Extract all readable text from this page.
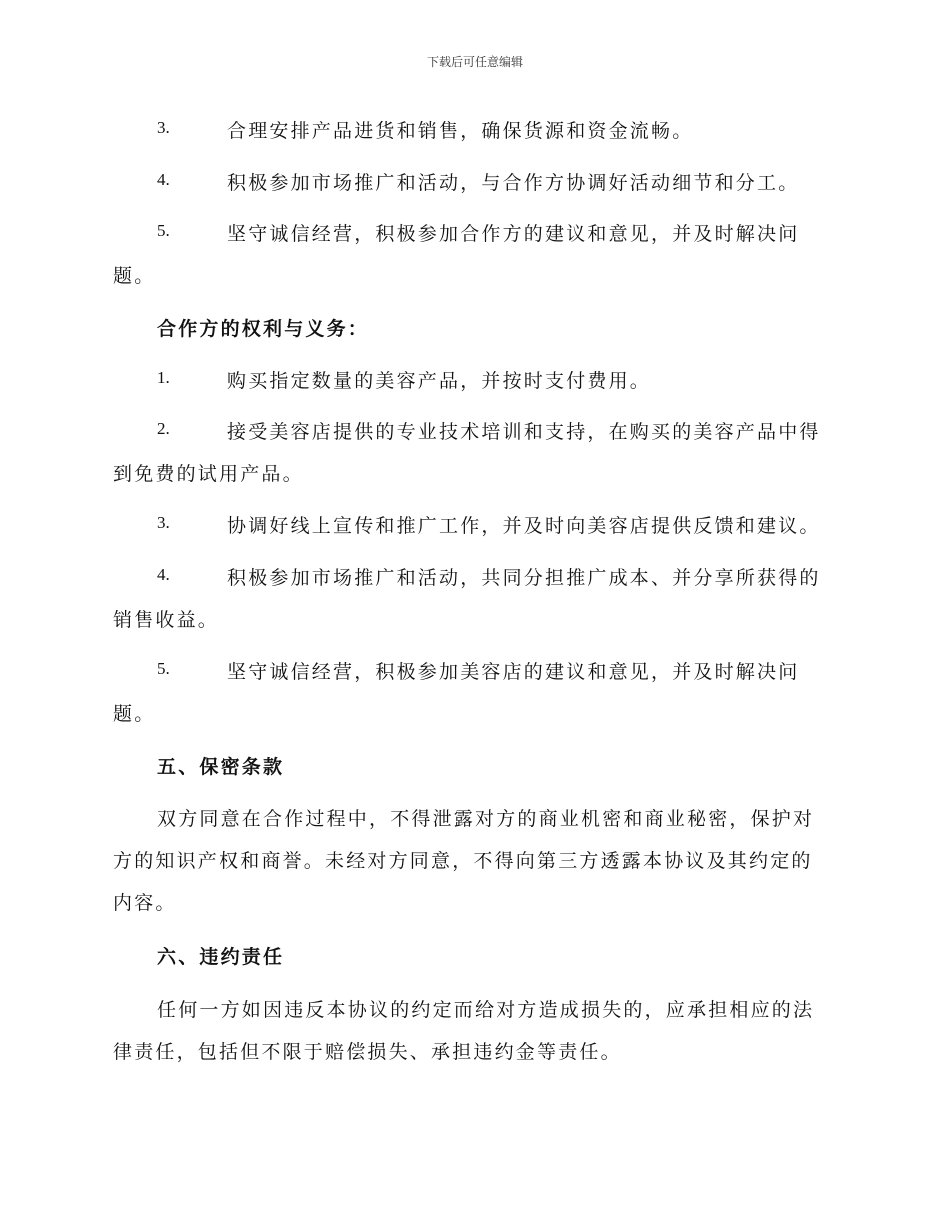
下载后可任意编辑
3.	合理安排产品进货和销售，确保货源和资金流畅。
4.	积极参加市场推广和活动，与合作方协调好活动细节和分工。
5.	坚守诚信经营，积极参加合作方的建议和意见，并及时解决问
题。
合作方的权利与义务：
1.	购买指定数量的美容产品，并按时支付费用。
2.	接受美容店提供的专业技术培训和支持，在购买的美容产品中得
到免费的试用产品。
3.	协调好线上宣传和推广工作，并及时向美容店提供反馈和建议。
4.	积极参加市场推广和活动，共同分担推广成本、并分享所获得的
销售收益。
5.	坚守诚信经营，积极参加美容店的建议和意见，并及时解决问
题。
五、保密条款
双方同意在合作过程中，不得泄露对方的商业机密和商业秘密，保护对
方的知识产权和商誉。未经对方同意，不得向第三方透露本协议及其约定的
内容。
六、违约责任
任何一方如因违反本协议的约定而给对方造成损失的，应承担相应的法
律责任，包括但不限于赔偿损失、承担违约金等责任。
